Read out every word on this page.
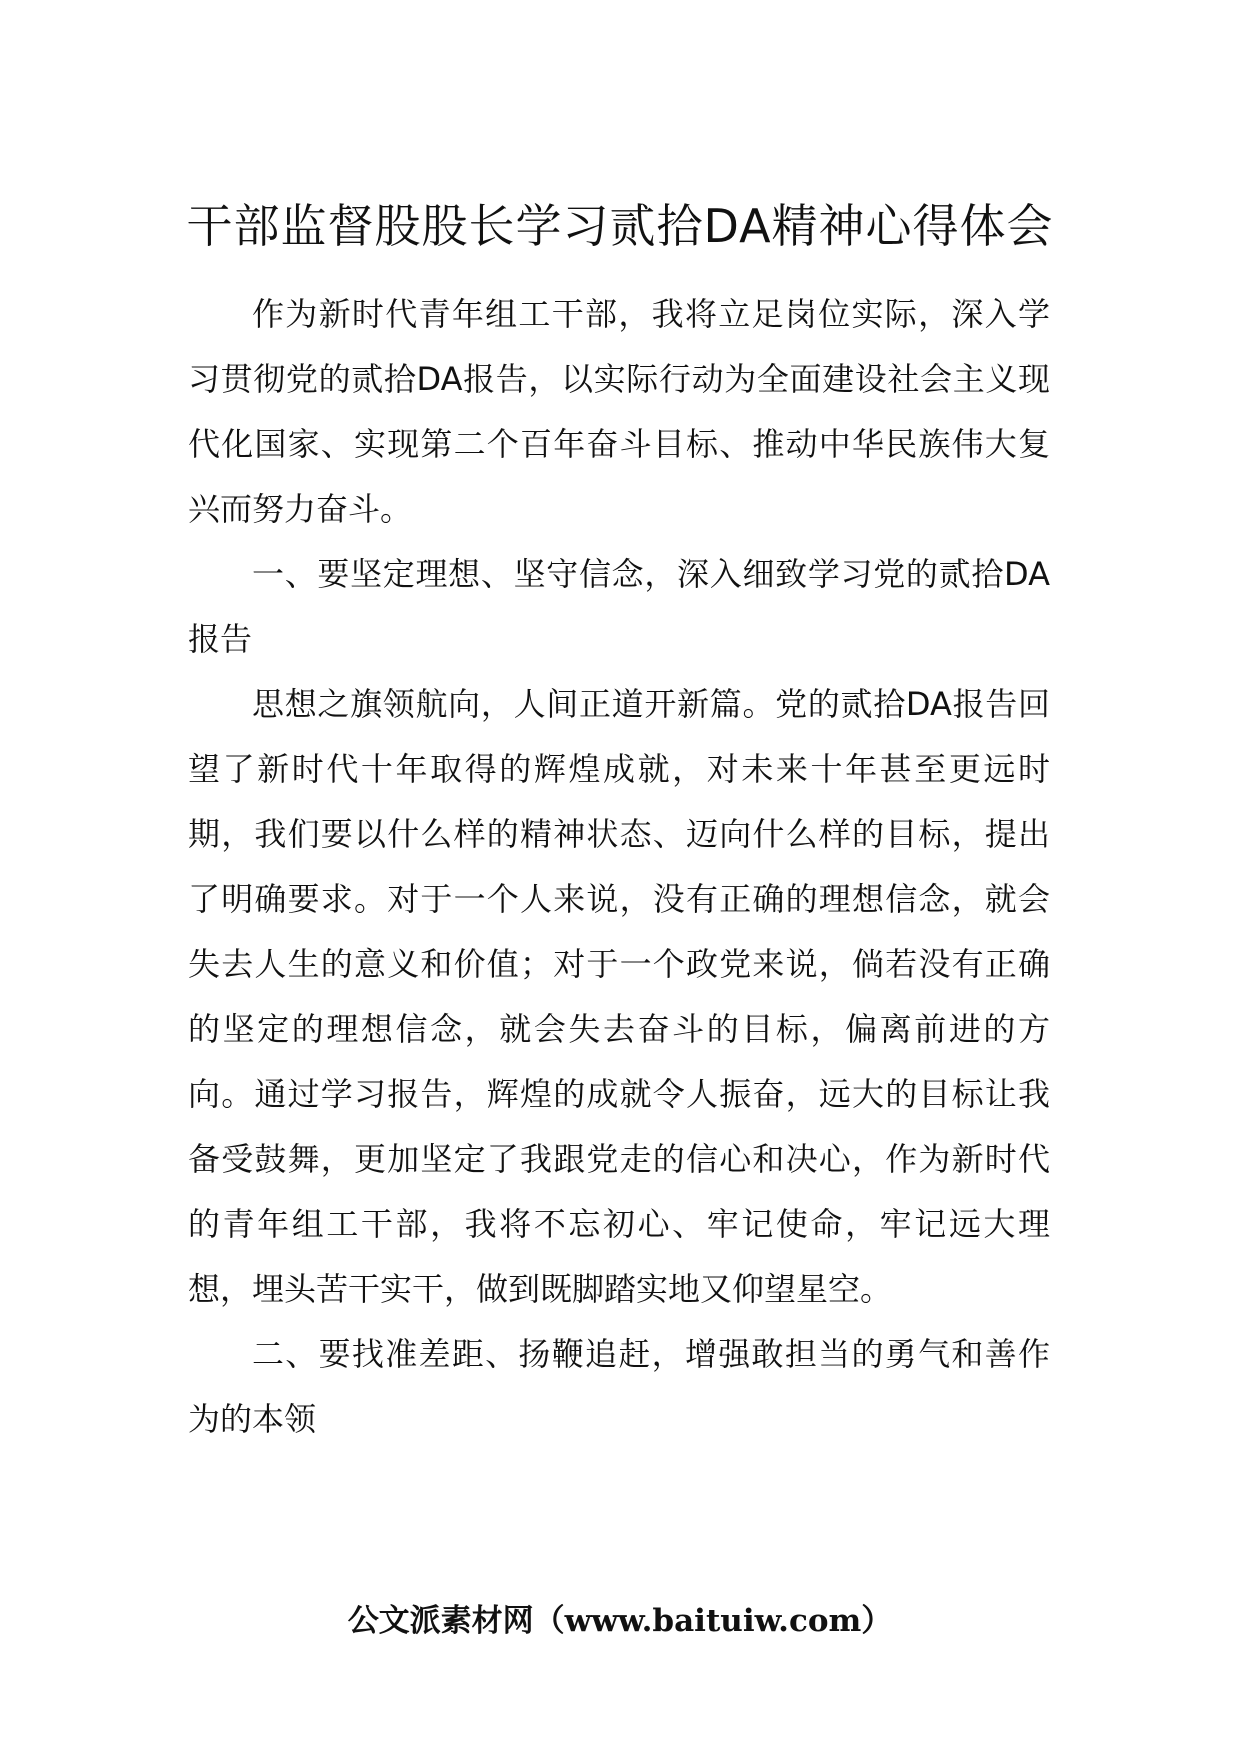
干部监督股股长学习贰拾DA精神心得体会

作为新时代青年组工干部，我将立足岗位实际，深入学习贯彻党的贰拾DA报告，以实际行动为全面建设社会主义现代化国家、实现第二个百年奋斗目标、推动中华民族伟大复兴而努力奋斗。

一、要坚定理想、坚守信念，深入细致学习党的贰拾DA报告

思想之旗领航向，人间正道开新篇。党的贰拾DA报告回望了新时代十年取得的辉煌成就，对未来十年甚至更远时期，我们要以什么样的精神状态、迈向什么样的目标，提出了明确要求。对于一个人来说，没有正确的理想信念，就会失去人生的意义和价值；对于一个政党来说，倘若没有正确的坚定的理想信念，就会失去奋斗的目标，偏离前进的方向。通过学习报告，辉煌的成就令人振奋，远大的目标让我备受鼓舞，更加坚定了我跟党走的信心和决心，作为新时代的青年组工干部，我将不忘初心、牢记使命，牢记远大理想，埋头苦干实干，做到既脚踏实地又仰望星空。

二、要找准差距、扬鞭追赶，增强敢担当的勇气和善作为的本领

公文派素材网（www.baituiw.com）
